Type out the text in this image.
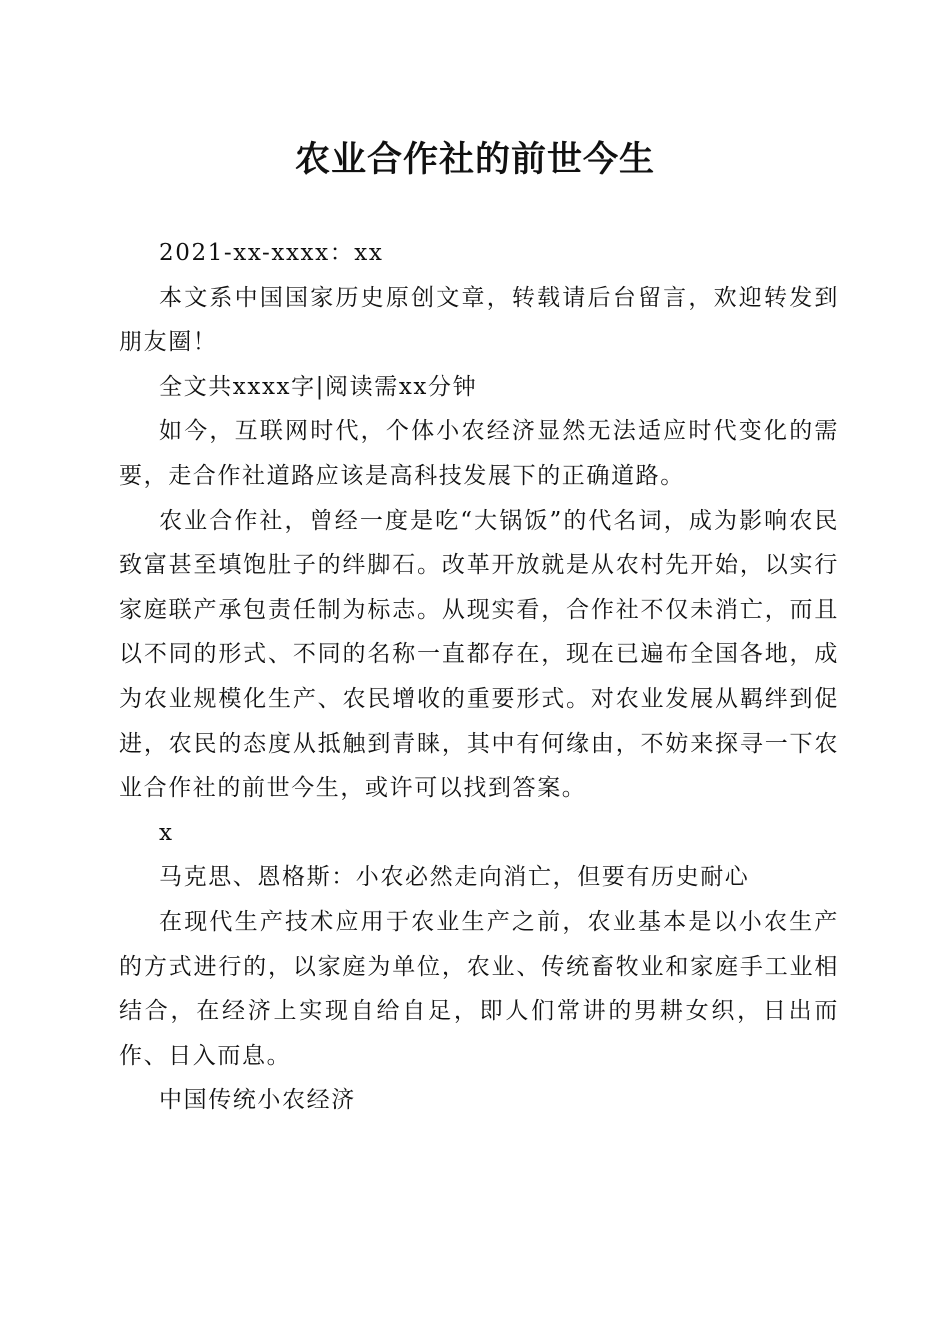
农业合作社的前世今生

2021-xx-xxxx：xx

本文系中国国家历史原创文章，转载请后台留言，欢迎转发到朋友圈！

全文共xxxx字|阅读需xx分钟

如今，互联网时代，个体小农经济显然无法适应时代变化的需要，走合作社道路应该是高科技发展下的正确道路。

农业合作社，曾经一度是吃“大锅饭”的代名词，成为影响农民致富甚至填饱肚子的绊脚石。改革开放就是从农村先开始，以实行家庭联产承包责任制为标志。从现实看，合作社不仅未消亡，而且以不同的形式、不同的名称一直都存在，现在已遍布全国各地，成为农业规模化生产、农民增收的重要形式。对农业发展从羁绊到促进，农民的态度从抵触到青睐，其中有何缘由，不妨来探寻一下农业合作社的前世今生，或许可以找到答案。

x

马克思、恩格斯：小农必然走向消亡，但要有历史耐心

在现代生产技术应用于农业生产之前，农业基本是以小农生产的方式进行的，以家庭为单位，农业、传统畜牧业和家庭手工业相结合，在经济上实现自给自足，即人们常讲的男耕女织，日出而作、日入而息。

中国传统小农经济
